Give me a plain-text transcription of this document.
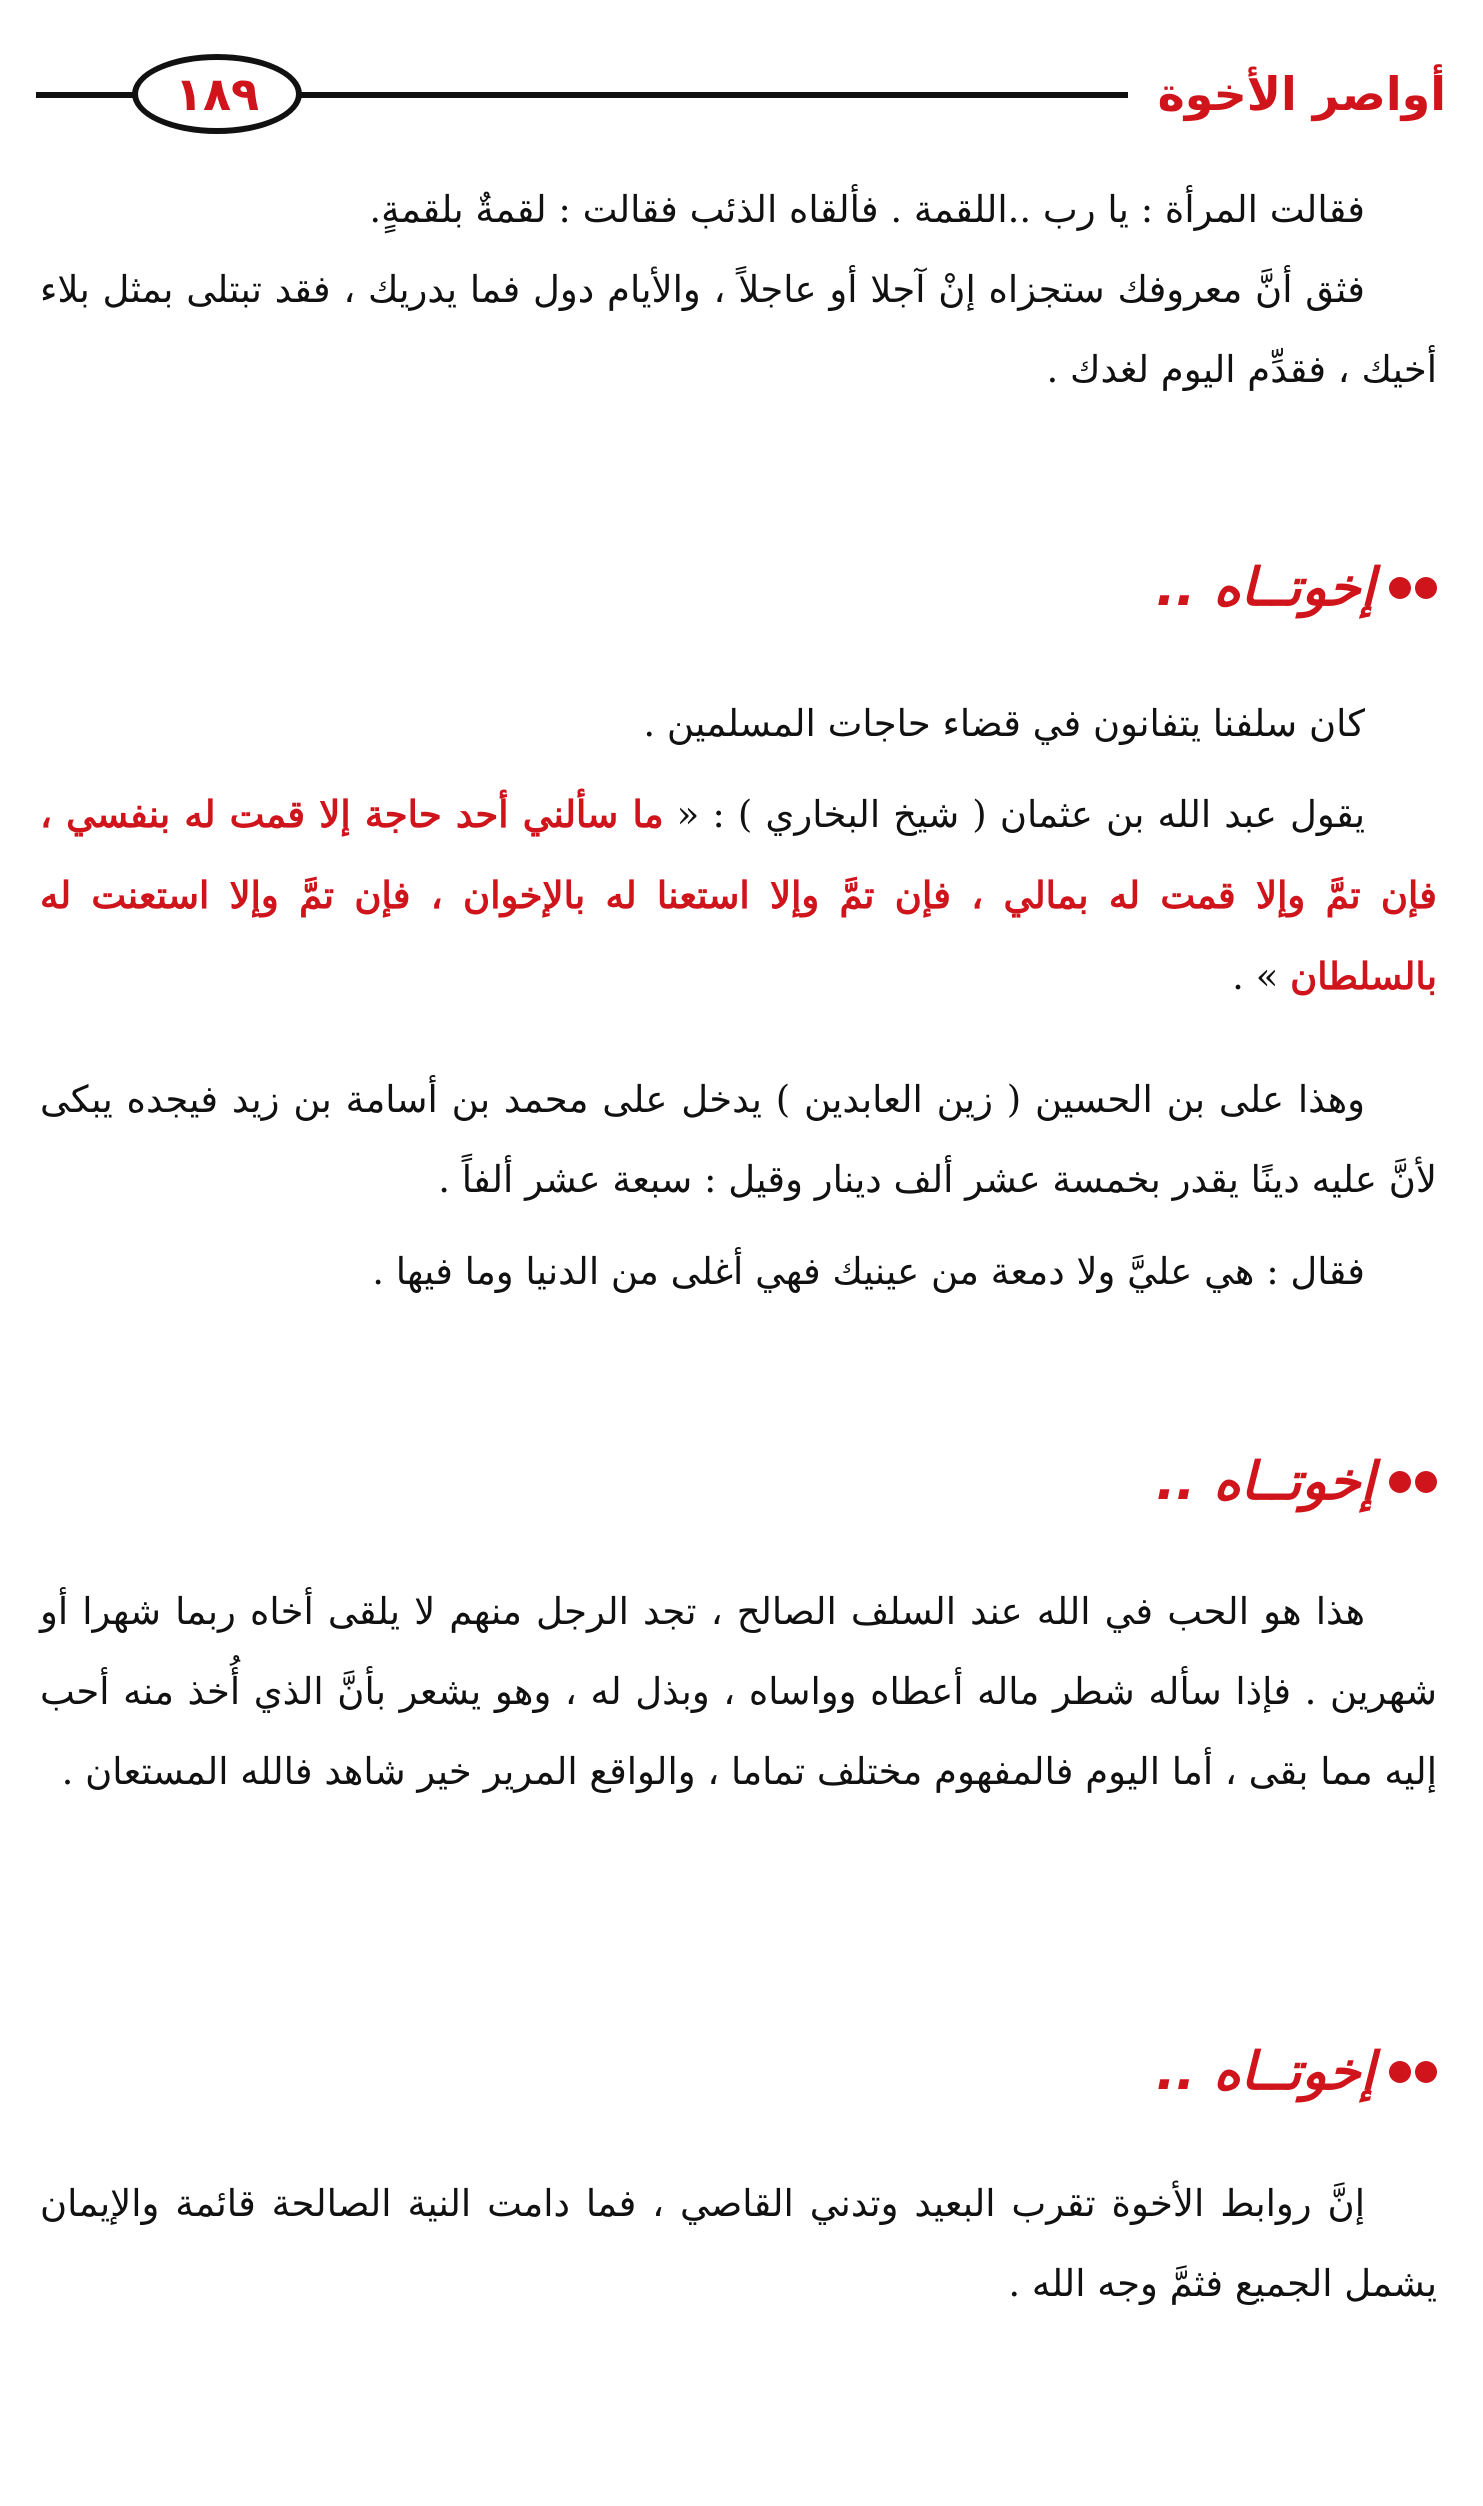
١٨٩	أواصر الأخوة

فقالت المرأة : يا رب ..اللقمة . فألقاه الذئب فقالت : لقمةٌ بلقمةٍ.

فثق أنَّ معروفك ستجزاه إنْ آجلا أو عاجلاً ، والأيام دول فما يدريك ، فقد تبتلى بمثل بلاء أخيك ، فقدِّم اليوم لغدك .

إخوتــاه ..

كان سلفنا يتفانون في قضاء حاجات المسلمين .

يقول عبد الله بن عثمان ( شيخ البخاري ) : « ما سألني أحد حاجة إلا قمت له بنفسي ، فإن تمَّ وإلا قمت له بمالي ، فإن تمَّ وإلا استعنا له بالإخوان ، فإن تمَّ وإلا استعنت له بالسلطان » .

وهذا على بن الحسين ( زين العابدين ) يدخل على محمد بن أسامة بن زيد فيجده يبكى لأنَّ عليه دينًا يقدر بخمسة عشر ألف دينار وقيل : سبعة عشر ألفاً .

فقال : هي عليَّ ولا دمعة من عينيك فهي أغلى من الدنيا وما فيها .

إخوتــاه ..

هذا هو الحب في الله عند السلف الصالح ، تجد الرجل منهم لا يلقى أخاه ربما شهرا أو شهرين . فإذا سأله شطر ماله أعطاه وواساه ، وبذل له ، وهو يشعر بأنَّ الذي أُخذ منه أحب إليه مما بقى ، أما اليوم فالمفهوم مختلف تماما ، والواقع المرير خير شاهد فالله المستعان .

إخوتــاه ..

إنَّ روابط الأخوة تقرب البعيد وتدني القاصي ، فما دامت النية الصالحة قائمة والإيمان يشمل الجميع فثمَّ وجه الله .
